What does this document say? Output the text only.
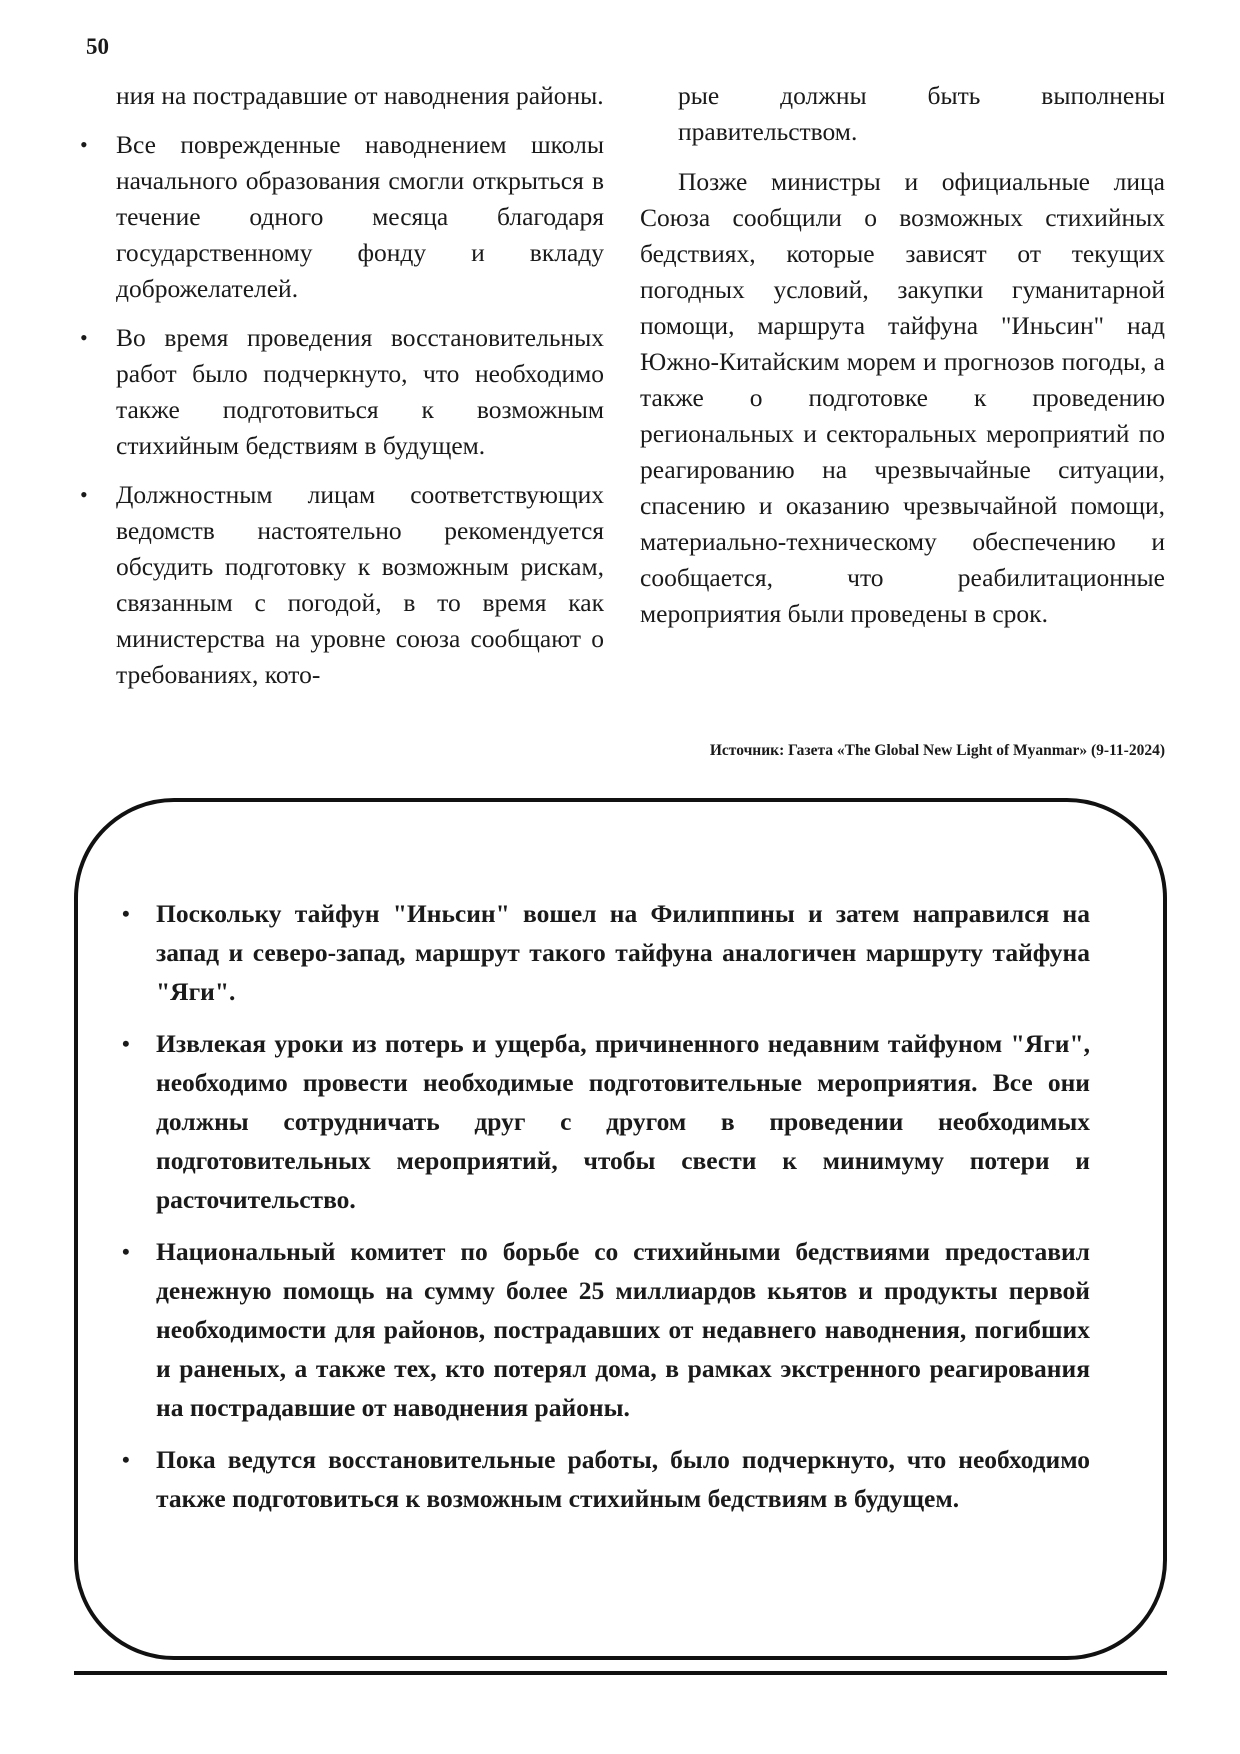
50

ния на пострадавшие от наводнения районы.

• Все поврежденные наводнением школы начального образования смогли открыться в течение одного месяца благодаря государственному фонду и вкладу доброжелателей.
• Во время проведения восстановительных работ было подчеркнуто, что необходимо также подготовиться к возможным стихийным бедствиям в будущем.
• Должностным лицам соответствующих ведомств настоятельно рекомендуется обсудить подготовку к возможным рискам, связанным с погодой, в то время как министерства на уровне союза сообщают о требованиях, кото-

рые должны быть выполнены правительством.

Позже министры и официальные лица Союза сообщили о возможных стихийных бедствиях, которые зависят от текущих погодных условий, закупки гуманитарной помощи, маршрута тайфуна "Иньсин" над Южно-Китайским морем и прогнозов погоды, а также о подготовке к проведению региональных и секторальных мероприятий по реагированию на чрезвычайные ситуации, спасению и оказанию чрезвычайной помощи, материально-техническому обеспечению и сообщается, что реабилитационные мероприятия были проведены в срок.

Источник: Газета «The Global New Light of Myanmar» (9-11-2024)
• Поскольку тайфун "Иньсин" вошел на Филиппины и затем направился на запад и северо-запад, маршрут такого тайфуна аналогичен маршруту тайфуна "Яги".
• Извлекая уроки из потерь и ущерба, причиненного недавним тайфуном "Яги", необходимо провести необходимые подготовительные мероприятия. Все они должны сотрудничать друг с другом в проведении необходимых подготовительных мероприятий, чтобы свести к минимуму потери и расточительство.
• Национальный комитет по борьбе со стихийными бедствиями предоставил денежную помощь на сумму более 25 миллиардов кьятов и продукты первой необходимости для районов, пострадавших от недавнего наводнения, погибших и раненых, а также тех, кто потерял дома, в рамках экстренного реагирования на пострадавшие от наводнения районы.
• Пока ведутся восстановительные работы, было подчеркнуто, что необходимо также подготовиться к возможным стихийным бедствиям в будущем.
